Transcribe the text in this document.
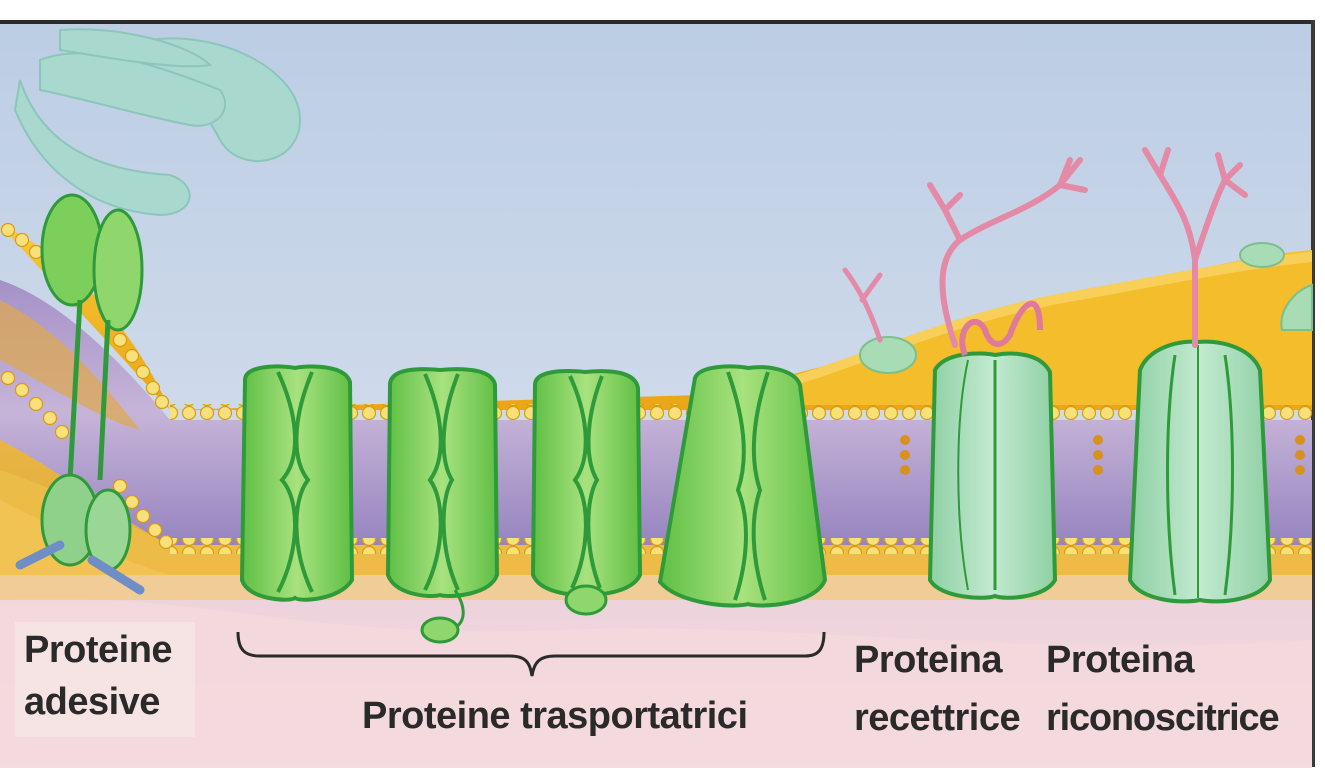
Proteine
adesive	Proteine trasportatrici
Proteina
recettrice
Proteina
riconoscitrice
